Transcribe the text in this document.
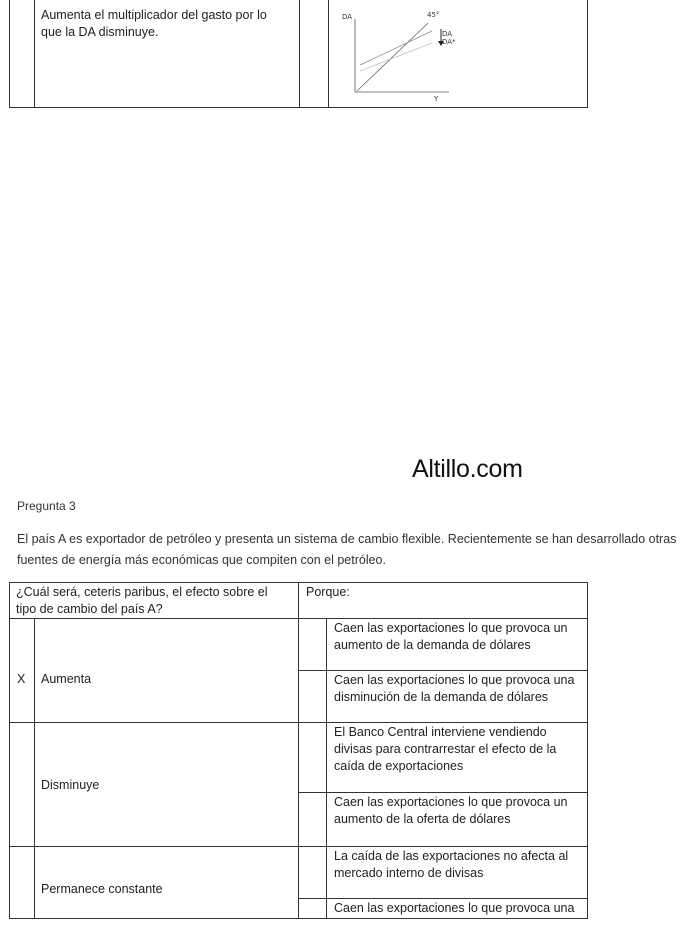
Aumenta el multiplicador del gasto por lo que la DA disminuye.
DA	45°
DA
DA*
Y
Altillo.com
Pregunta 3
El país A es exportador de petróleo y presenta un sistema de cambio flexible. Recientemente se han desarrollado otras
fuentes de energía más económicas que compiten con el petróleo.
¿Cuál será, ceteris paribus, el efecto sobre el
tipo de cambio del país A?
Porque:
X Aumenta
Caen las exportaciones lo que provoca un
aumento de la demanda de dólares
Caen las exportaciones lo que provoca una
disminución de la demanda de dólares
Disminuye
El Banco Central interviene vendiendo
divisas para contrarrestar el efecto de la
caída de exportaciones
Caen las exportaciones lo que provoca un
aumento de la oferta de dólares
Permanece constante
La caída de las exportaciones no afecta al
mercado interno de divisas
Caen las exportaciones lo que provoca una
